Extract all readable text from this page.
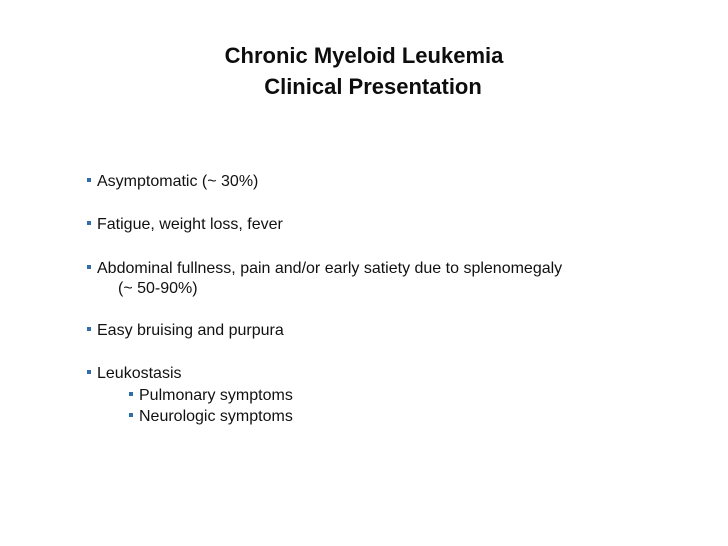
Chronic Myeloid Leukemia
Clinical Presentation
Asymptomatic (~ 30%)
Fatigue, weight loss, fever
Abdominal fullness, pain and/or early satiety due to splenomegaly
(~ 50-90%)
Easy bruising and purpura
Leukostasis
Pulmonary symptoms
Neurologic symptoms
